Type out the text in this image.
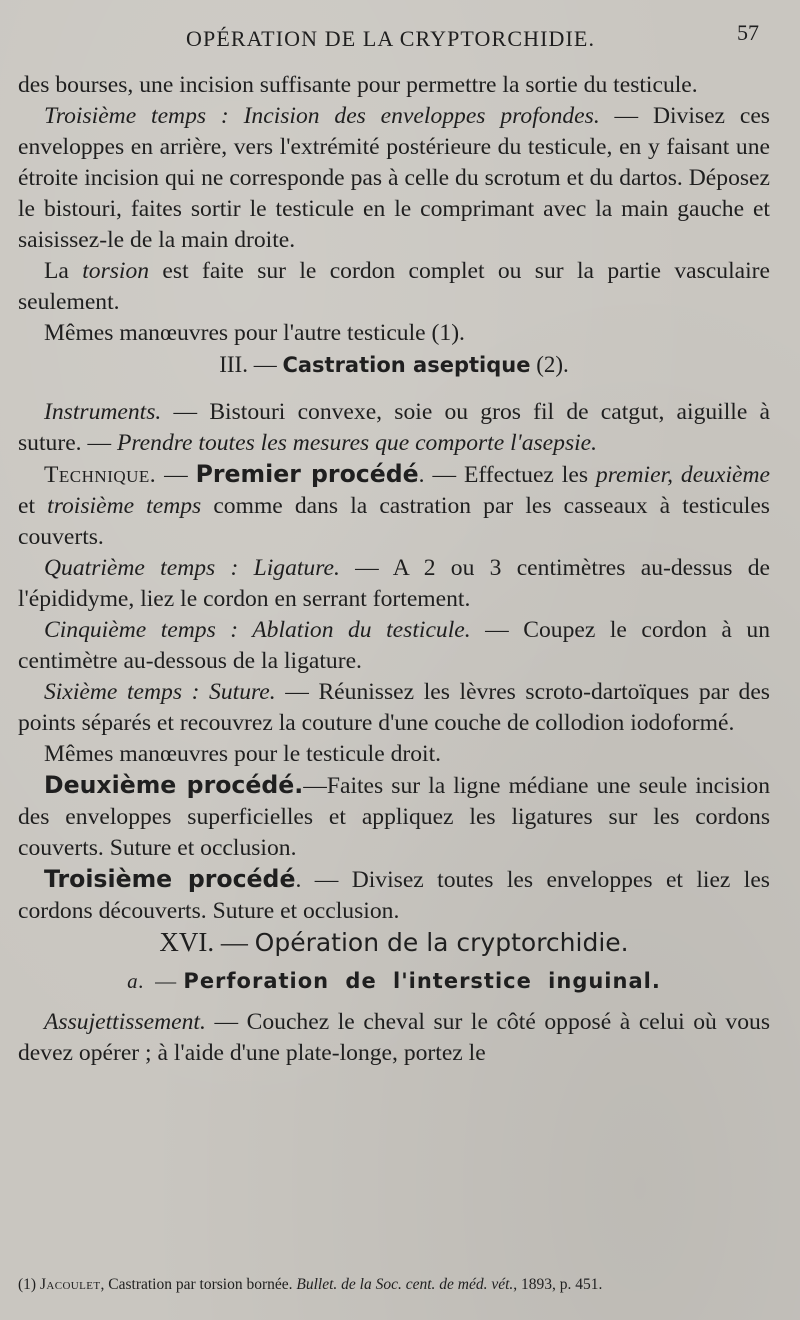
OPÉRATION DE LA CRYPTORCHIDIE.	57

des bourses, une incision suffisante pour permettre la sortie du testicule.

Troisième temps : Incision des enveloppes profondes. — Divisez ces enveloppes en arrière, vers l'extrémité postérieure du testicule, en y faisant une étroite incision qui ne corresponde pas à celle du scrotum et du dartos. Déposez le bistouri, faites sortir le testicule en le comprimant avec la main gauche et saisissez-le de la main droite.

La torsion est faite sur le cordon complet ou sur la partie vasculaire seulement.

Mêmes manœuvres pour l'autre testicule (1).

III. — Castration aseptique (2).

Instruments. — Bistouri convexe, soie ou gros fil de catgut, aiguille à suture. — Prendre toutes les mesures que comporte l'asepsie.

Technique. — Premier procédé. — Effectuez les premier, deuxième et troisième temps comme dans la castration par les casseaux à testicules couverts.

Quatrième temps : Ligature. — A 2 ou 3 centimètres au-dessus de l'épididyme, liez le cordon en serrant fortement.

Cinquième temps : Ablation du testicule. — Coupez le cordon à un centimètre au-dessous de la ligature.

Sixième temps : Suture. — Réunissez les lèvres scroto-dartoïques par des points séparés et recouvrez la couture d'une couche de collodion iodoformé.

Mêmes manœuvres pour le testicule droit.

Deuxième procédé.—Faites sur la ligne médiane une seule incision des enveloppes superficielles et appliquez les ligatures sur les cordons couverts. Suture et occlusion.

Troisième procédé. — Divisez toutes les enveloppes et liez les cordons découverts. Suture et occlusion.

XVI. — Opération de la cryptorchidie.

a. — Perforation de l'interstice inguinal.

Assujettissement. — Couchez le cheval sur le côté opposé à celui où vous devez opérer ; à l'aide d'une plate-longe, portez le

(1) Jacoulet, Castration par torsion bornée. Bullet. de la Soc. cent. de méd. vét., 1893, p. 451.
